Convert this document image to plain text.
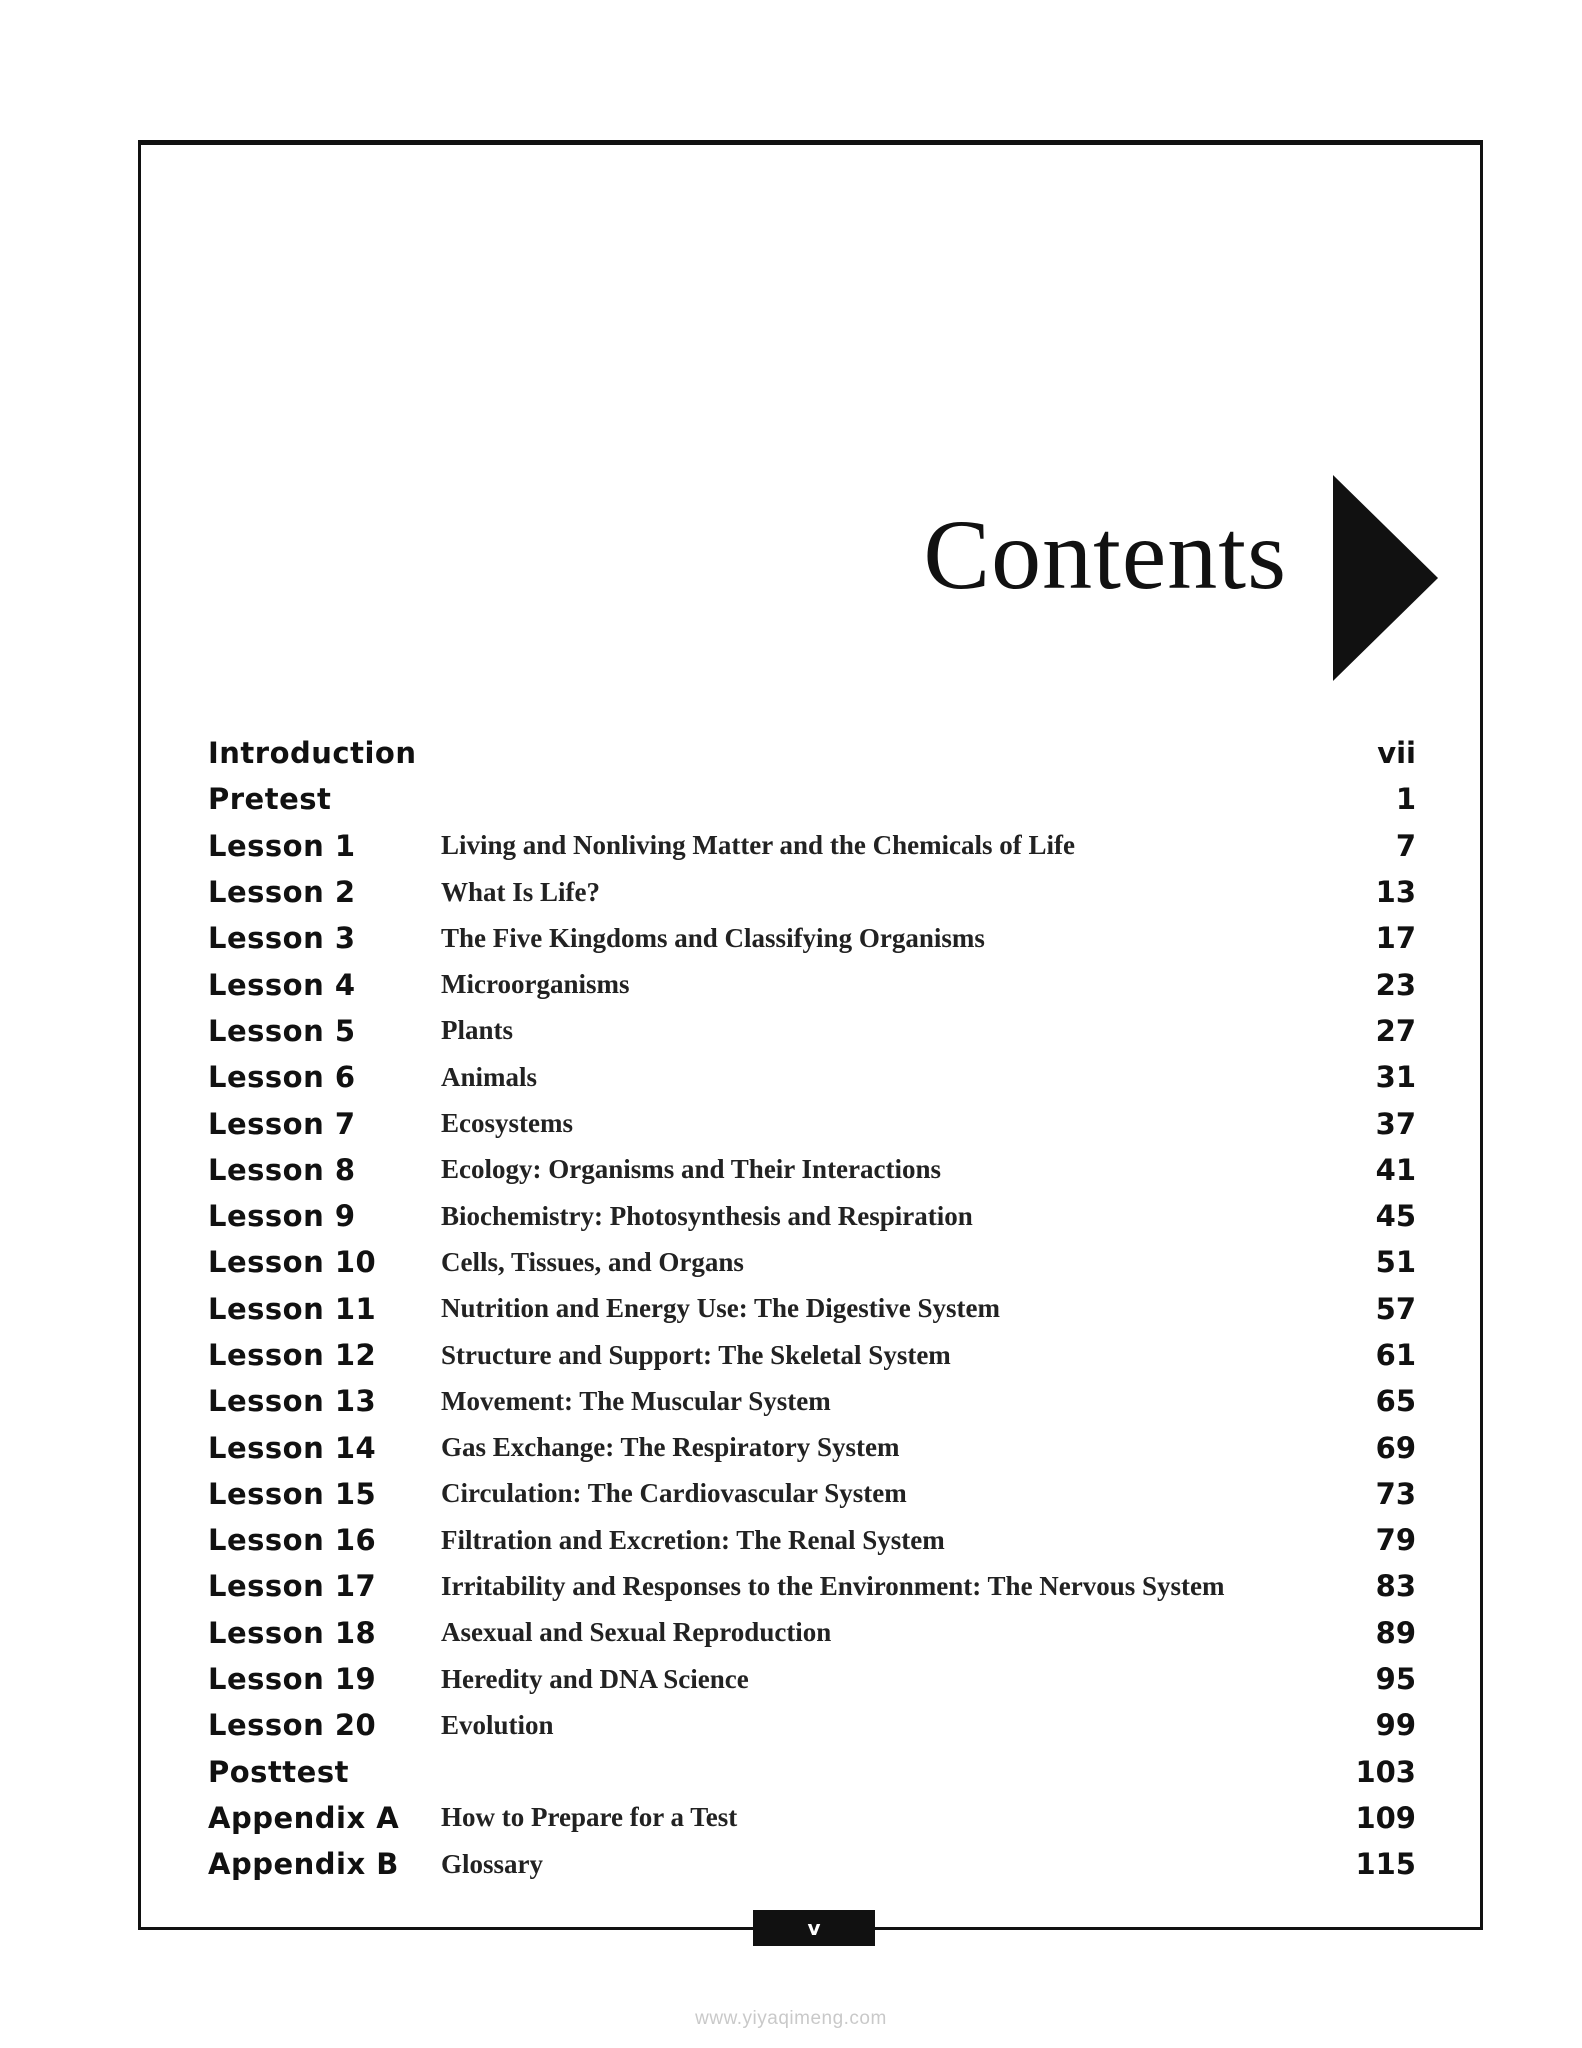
Contents
Introduction	vii
Pretest	1
Lesson 1	Living and Nonliving Matter and the Chemicals of Life	7
Lesson 2	What Is Life?	13
Lesson 3	The Five Kingdoms and Classifying Organisms	17
Lesson 4	Microorganisms	23
Lesson 5	Plants	27
Lesson 6	Animals	31
Lesson 7	Ecosystems	37
Lesson 8	Ecology: Organisms and Their Interactions	41
Lesson 9	Biochemistry: Photosynthesis and Respiration	45
Lesson 10	Cells, Tissues, and Organs	51
Lesson 11	Nutrition and Energy Use: The Digestive System	57
Lesson 12	Structure and Support: The Skeletal System	61
Lesson 13	Movement: The Muscular System	65
Lesson 14	Gas Exchange: The Respiratory System	69
Lesson 15	Circulation: The Cardiovascular System	73
Lesson 16	Filtration and Excretion: The Renal System	79
Lesson 17	Irritability and Responses to the Environment: The Nervous System	83
Lesson 18	Asexual and Sexual Reproduction	89
Lesson 19	Heredity and DNA Science	95
Lesson 20	Evolution	99
Posttest	103
Appendix A	How to Prepare for a Test	109
Appendix B	Glossary	115
v
www.yiyaqimeng.com
